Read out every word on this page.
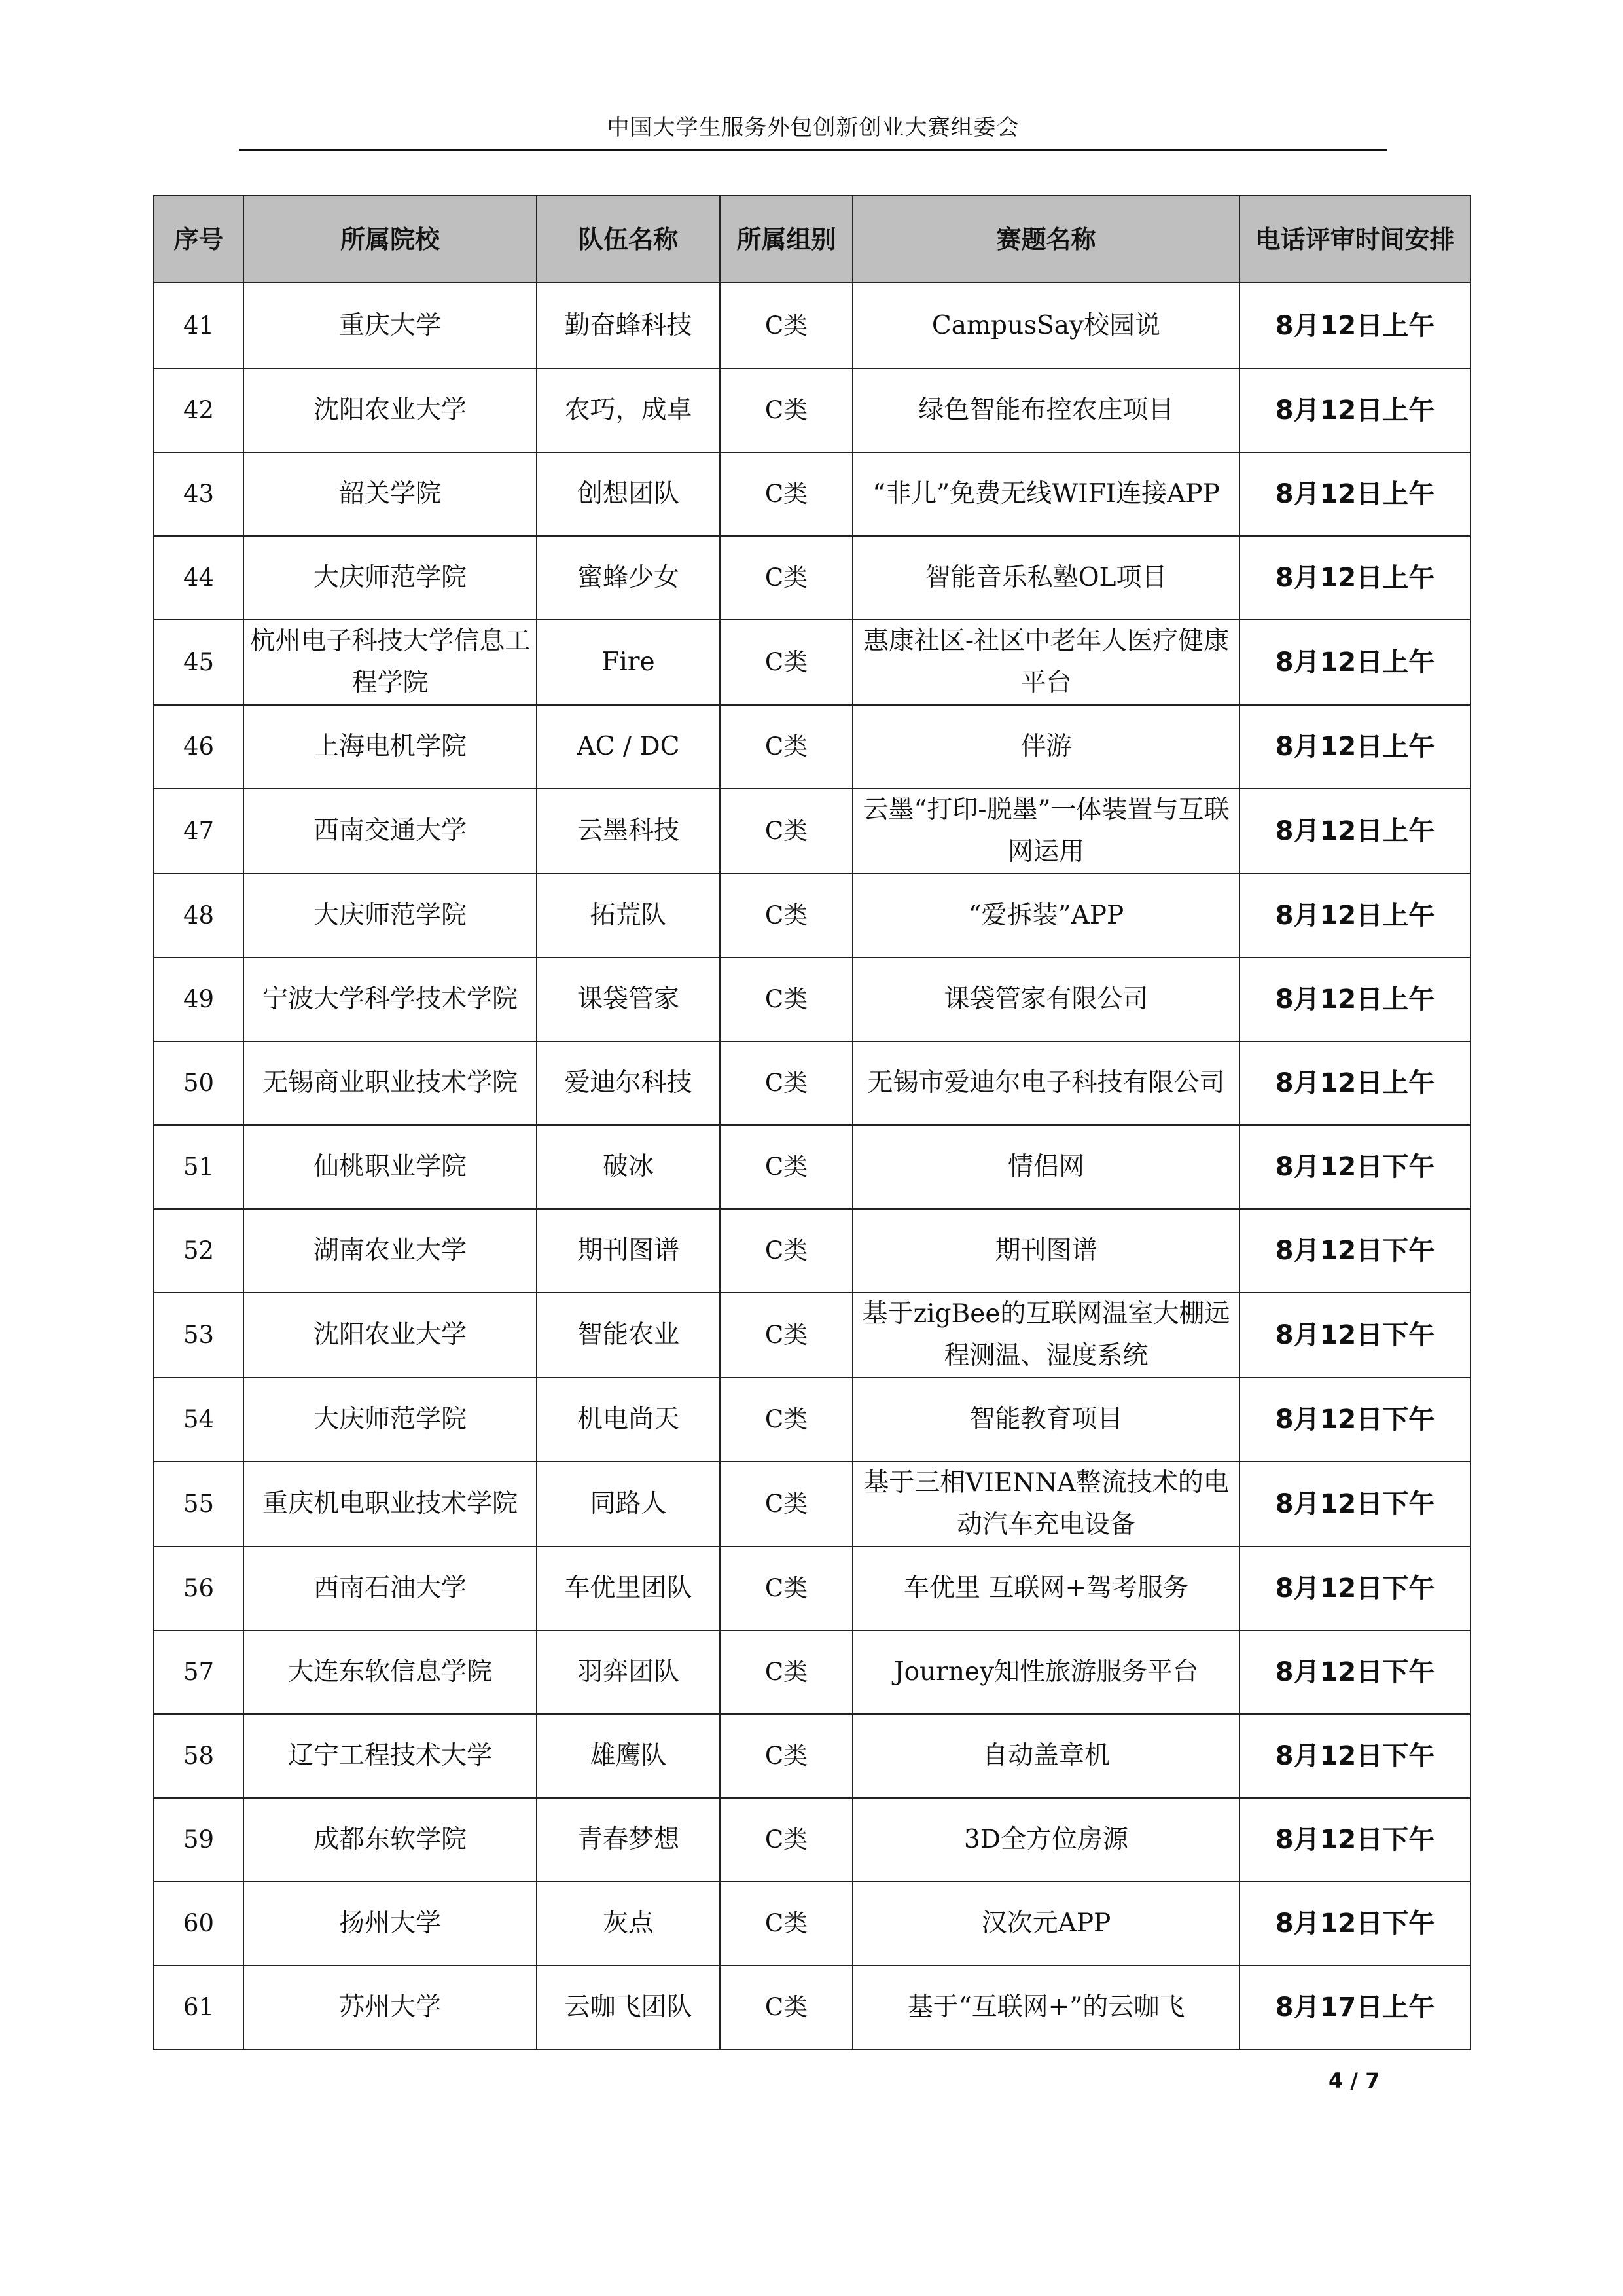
中国大学生服务外包创新创业大赛组委会
序号	所属院校	队伍名称	所属组别	赛题名称	电话评审时间安排
41	重庆大学	勤奋蜂科技	C类	CampusSay校园说	8月12日上午
42	沈阳农业大学	农巧，成卓	C类	绿色智能布控农庄项目	8月12日上午
43	韶关学院	创想团队	C类	“非儿”免费无线WIFI连接APP	8月12日上午
44	大庆师范学院	蜜蜂少女	C类	智能音乐私塾OL项目	8月12日上午
45	杭州电子科技大学信息工程学院	Fire	C类	惠康社区-社区中老年人医疗健康平台	8月12日上午
46	上海电机学院	AC / DC	C类	伴游	8月12日上午
47	西南交通大学	云墨科技	C类	云墨“打印-脱墨”一体装置与互联网运用	8月12日上午
48	大庆师范学院	拓荒队	C类	“爱拆装”APP	8月12日上午
49	宁波大学科学技术学院	课袋管家	C类	课袋管家有限公司	8月12日上午
50	无锡商业职业技术学院	爱迪尔科技	C类	无锡市爱迪尔电子科技有限公司	8月12日上午
51	仙桃职业学院	破冰	C类	情侣网	8月12日下午
52	湖南农业大学	期刊图谱	C类	期刊图谱	8月12日下午
53	沈阳农业大学	智能农业	C类	基于zigBee的互联网温室大棚远程测温、湿度系统	8月12日下午
54	大庆师范学院	机电尚天	C类	智能教育项目	8月12日下午
55	重庆机电职业技术学院	同路人	C类	基于三相VIENNA整流技术的电动汽车充电设备	8月12日下午
56	西南石油大学	车优里团队	C类	车优里 互联网+驾考服务	8月12日下午
57	大连东软信息学院	羽弈团队	C类	Journey知性旅游服务平台	8月12日下午
58	辽宁工程技术大学	雄鹰队	C类	自动盖章机	8月12日下午
59	成都东软学院	青春梦想	C类	3D全方位房源	8月12日下午
60	扬州大学	灰点	C类	汉次元APP	8月12日下午
61	苏州大学	云咖飞团队	C类	基于“互联网+”的云咖飞	8月17日上午
4 / 7
